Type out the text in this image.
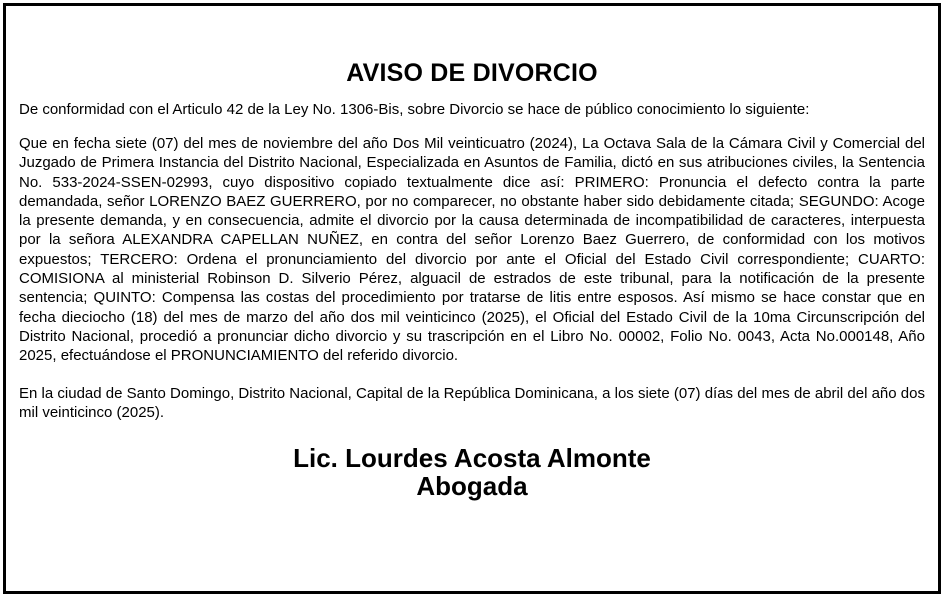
AVISO DE DIVORCIO
De conformidad con el Articulo 42 de la Ley No. 1306-Bis, sobre Divorcio se hace de público conocimiento lo siguiente:
Que en fecha siete (07) del mes de noviembre del año Dos Mil veinticuatro (2024), La Octava Sala de la Cámara Civil y Comercial del Juzgado de Primera Instancia del Distrito Nacional, Especializada en Asuntos de Familia, dictó en sus atribuciones civiles, la Sentencia No. 533-2024-SSEN-02993, cuyo dispositivo copiado textualmente dice así: PRIMERO: Pronuncia el defecto contra la parte demandada, señor LORENZO BAEZ GUERRERO, por no comparecer, no obstante haber sido debidamente citada; SEGUNDO: Acoge la presente demanda, y en consecuencia, admite el divorcio por la causa determinada de incompatibilidad de caracteres, interpuesta por la señora ALEXANDRA CAPELLAN NUÑEZ, en contra del señor Lorenzo Baez Guerrero, de conformidad con los motivos expuestos; TERCERO: Ordena el pronunciamiento del divorcio por ante el Oficial del Estado Civil correspondiente; CUARTO: COMISIONA al ministerial Robinson D. Silverio Pérez, alguacil de estrados de este tribunal, para la notificación de la presente sentencia; QUINTO: Compensa las costas del procedimiento por tratarse de litis entre esposos. Así mismo se hace constar que en fecha dieciocho (18) del mes de marzo del año dos mil veinticinco (2025), el Oficial del Estado Civil de la 10ma Circunscripción del Distrito Nacional, procedió a pronunciar dicho divorcio y su trascripción en el Libro No. 00002, Folio No. 0043, Acta No.000148, Año 2025, efectuándose el PRONUNCIAMIENTO del referido divorcio.
En la ciudad de Santo Domingo, Distrito Nacional, Capital de la República Dominicana, a los siete (07) días del mes de abril del año dos mil veinticinco (2025).
Lic. Lourdes Acosta Almonte
Abogada
